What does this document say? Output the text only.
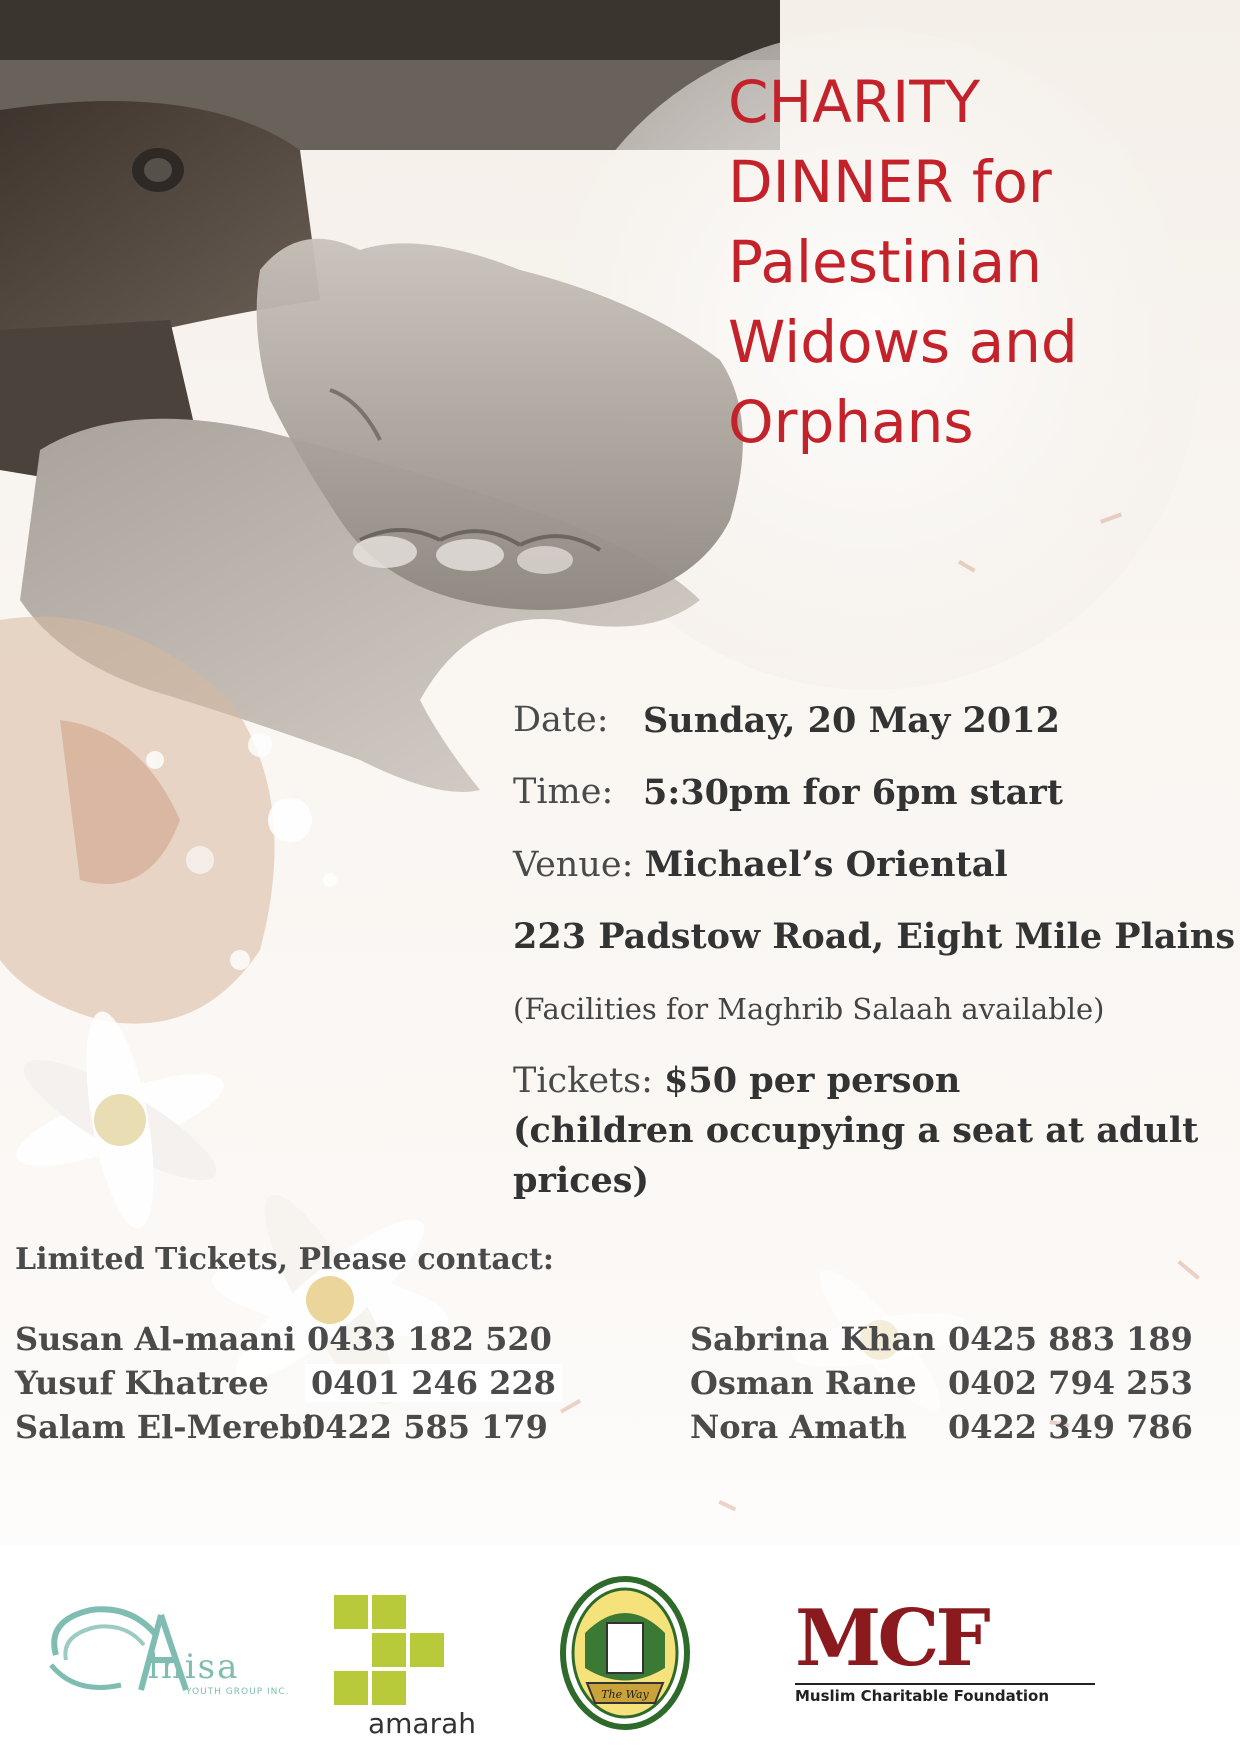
CHARITY
DINNER for
Palestinian
Widows and
Orphans
Date: Sunday, 20 May 2012
Time: 5:30pm for 6pm start
Venue: Michael’s Oriental
223 Padstow Road, Eight Mile Plains
(Facilities for Maghrib Salaah available)
Tickets: $50 per person
(children occupying a seat at adult
prices)
Limited Tickets, Please contact:
Susan Al-maani 0433 182 520
Yusuf Khatree 0401 246 228
Salam El-Merebi
0422 585 179
Sabrina Khan 0425 883 189
Osman Rane 0402 794 253
Nora Amath 0422 349 786
lnisa
YOUTH GROUP INC.
amarah
The Way
MCF
Muslim Charitable Foundation
